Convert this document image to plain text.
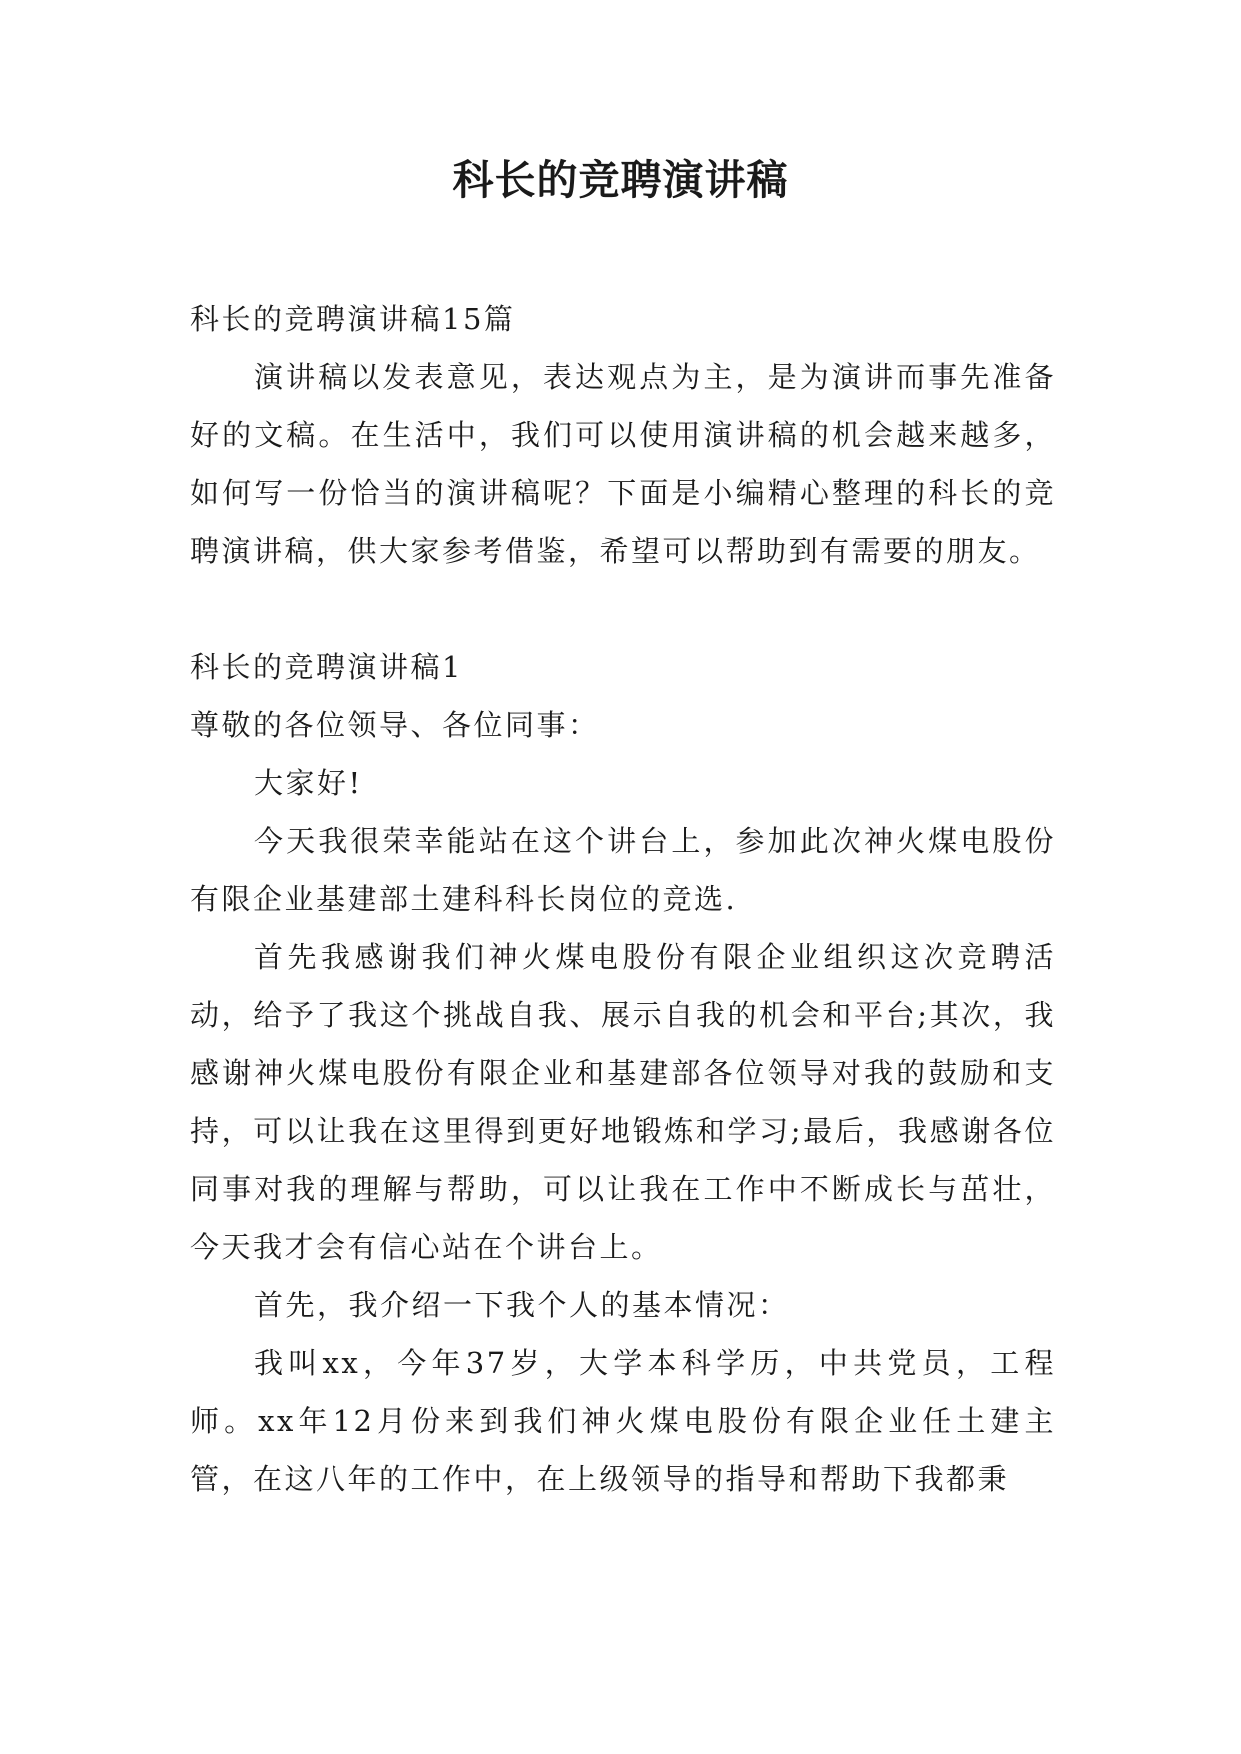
科长的竞聘演讲稿

科长的竞聘演讲稿15篇

演讲稿以发表意见，表达观点为主，是为演讲而事先准备好的文稿。在生活中，我们可以使用演讲稿的机会越来越多，如何写一份恰当的演讲稿呢？下面是小编精心整理的科长的竞聘演讲稿，供大家参考借鉴，希望可以帮助到有需要的朋友。

科长的竞聘演讲稿1

尊敬的各位领导、各位同事：

大家好!

今天我很荣幸能站在这个讲台上，参加此次神火煤电股份有限企业基建部土建科科长岗位的竞选.

首先我感谢我们神火煤电股份有限企业组织这次竞聘活动，给予了我这个挑战自我、展示自我的机会和平台;其次，我感谢神火煤电股份有限企业和基建部各位领导对我的鼓励和支持，可以让我在这里得到更好地锻炼和学习;最后，我感谢各位同事对我的理解与帮助，可以让我在工作中不断成长与茁壮，今天我才会有信心站在个讲台上。

首先，我介绍一下我个人的基本情况：

我叫xx，今年37岁，大学本科学历，中共党员，工程师。xx年12月份来到我们神火煤电股份有限企业任土建主管，在这八年的工作中，在上级领导的指导和帮助下我都秉
